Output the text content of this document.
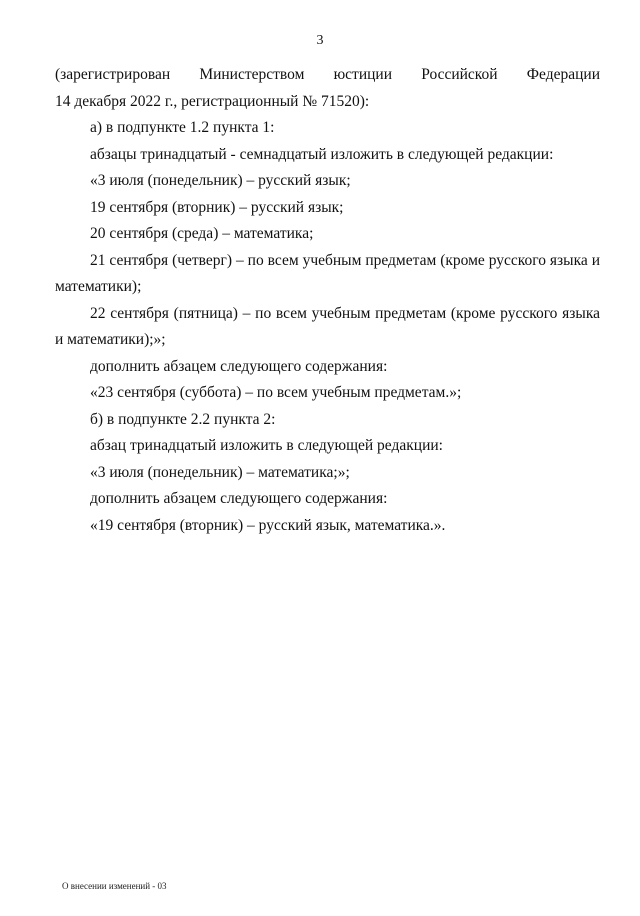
3
(зарегистрирован Министерством юстиции Российской Федерации

14 декабря 2022 г., регистрационный № 71520):

а) в подпункте 1.2 пункта 1:

абзацы тринадцатый - семнадцатый изложить в следующей редакции:

«3 июля (понедельник) – русский язык;

19 сентября (вторник) – русский язык;

20 сентября (среда) – математика;

21 сентября (четверг) – по всем учебным предметам (кроме русского языка и математики);

22 сентября (пятница) – по всем учебным предметам (кроме русского языка и математики);»;

дополнить абзацем следующего содержания:

«23 сентября (суббота) – по всем учебным предметам.»;

б) в подпункте 2.2 пункта 2:

абзац тринадцатый изложить в следующей редакции:

«3 июля (понедельник) – математика;»;

дополнить абзацем следующего содержания:

«19 сентября (вторник) – русский язык, математика.».

О внесении изменений - 03
